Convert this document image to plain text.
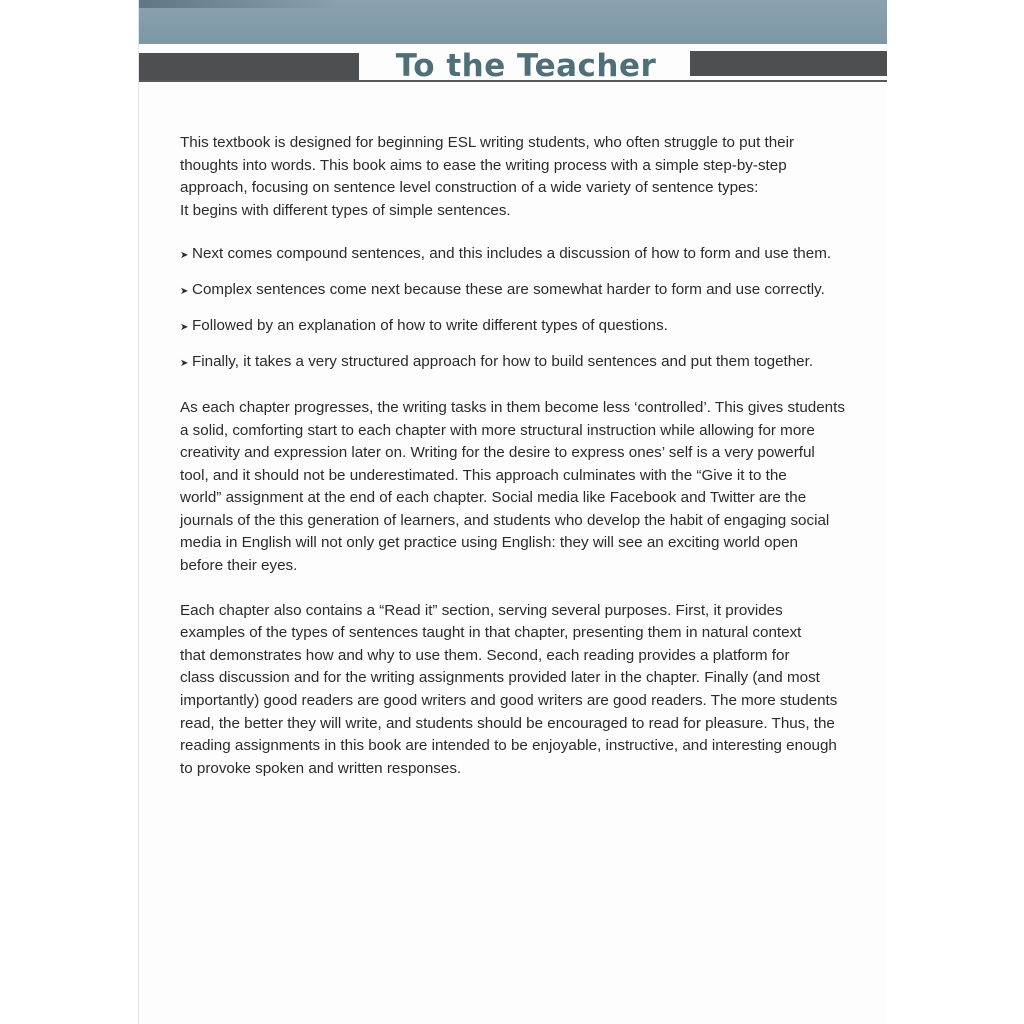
To the Teacher

This textbook is designed for beginning ESL writing students, who often struggle to put their
thoughts into words. This book aims to ease the writing process with a simple step-by-step
approach, focusing on sentence level construction of a wide variety of sentence types:
It begins with different types of simple sentences.

➤ Next comes compound sentences, and this includes a discussion of how to form and use them.
➤ Complex sentences come next because these are somewhat harder to form and use correctly.
➤ Followed by an explanation of how to write different types of questions.
➤ Finally, it takes a very structured approach for how to build sentences and put them together.

As each chapter progresses, the writing tasks in them become less ‘controlled’. This gives students
a solid, comforting start to each chapter with more structural instruction while allowing for more
creativity and expression later on. Writing for the desire to express ones’ self is a very powerful
tool, and it should not be underestimated. This approach culminates with the “Give it to the
world” assignment at the end of each chapter. Social media like Facebook and Twitter are the
journals of the this generation of learners, and students who develop the habit of engaging social
media in English will not only get practice using English: they will see an exciting world open
before their eyes.

Each chapter also contains a “Read it” section, serving several purposes. First, it provides
examples of the types of sentences taught in that chapter, presenting them in natural context
that demonstrates how and why to use them. Second, each reading provides a platform for
class discussion and for the writing assignments provided later in the chapter. Finally (and most
importantly) good readers are good writers and good writers are good readers. The more students
read, the better they will write, and students should be encouraged to read for pleasure. Thus, the
reading assignments in this book are intended to be enjoyable, instructive, and interesting enough
to provoke spoken and written responses.
